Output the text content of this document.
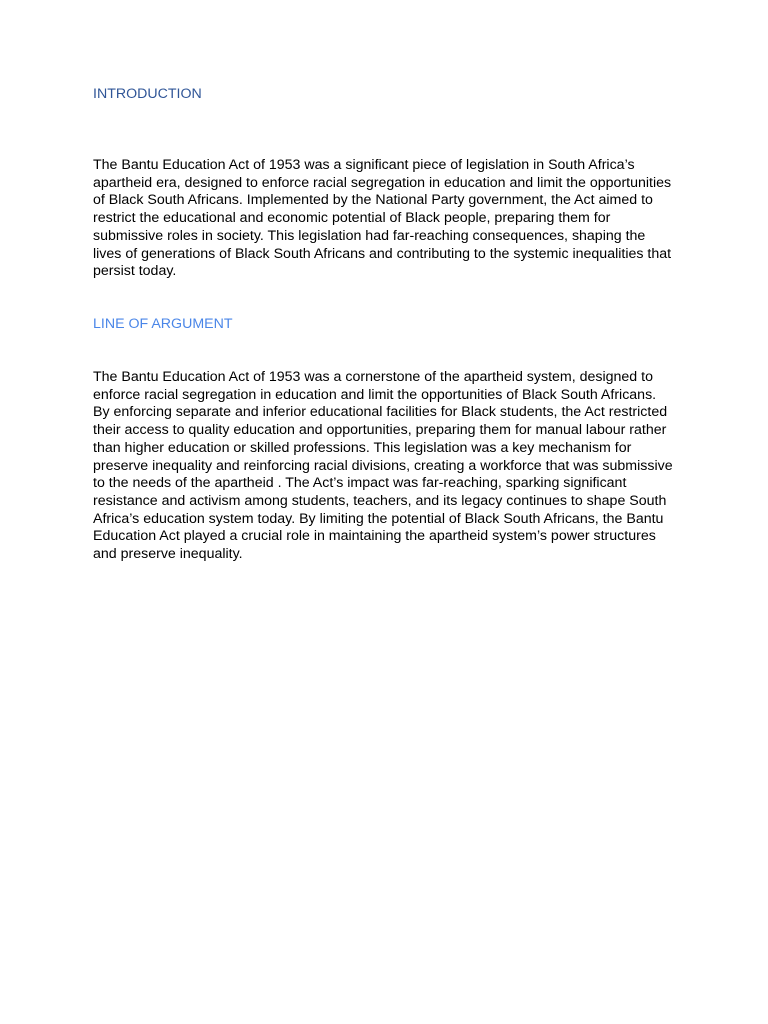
INTRODUCTION

The Bantu Education Act of 1953 was a significant piece of legislation in South Africa’s
apartheid era, designed to enforce racial segregation in education and limit the opportunities
of Black South Africans. Implemented by the National Party government, the Act aimed to
restrict the educational and economic potential of Black people, preparing them for
submissive roles in society. This legislation had far-reaching consequences, shaping the
lives of generations of Black South Africans and contributing to the systemic inequalities that
persist today.

LINE OF ARGUMENT

The Bantu Education Act of 1953 was a cornerstone of the apartheid system, designed to
enforce racial segregation in education and limit the opportunities of Black South Africans.
By enforcing separate and inferior educational facilities for Black students, the Act restricted
their access to quality education and opportunities, preparing them for manual labour rather
than higher education or skilled professions. This legislation was a key mechanism for
preserve inequality and reinforcing racial divisions, creating a workforce that was submissive
to the needs of the apartheid . The Act’s impact was far-reaching, sparking significant
resistance and activism among students, teachers, and its legacy continues to shape South
Africa’s education system today. By limiting the potential of Black South Africans, the Bantu
Education Act played a crucial role in maintaining the apartheid system’s power structures
and preserve inequality.
